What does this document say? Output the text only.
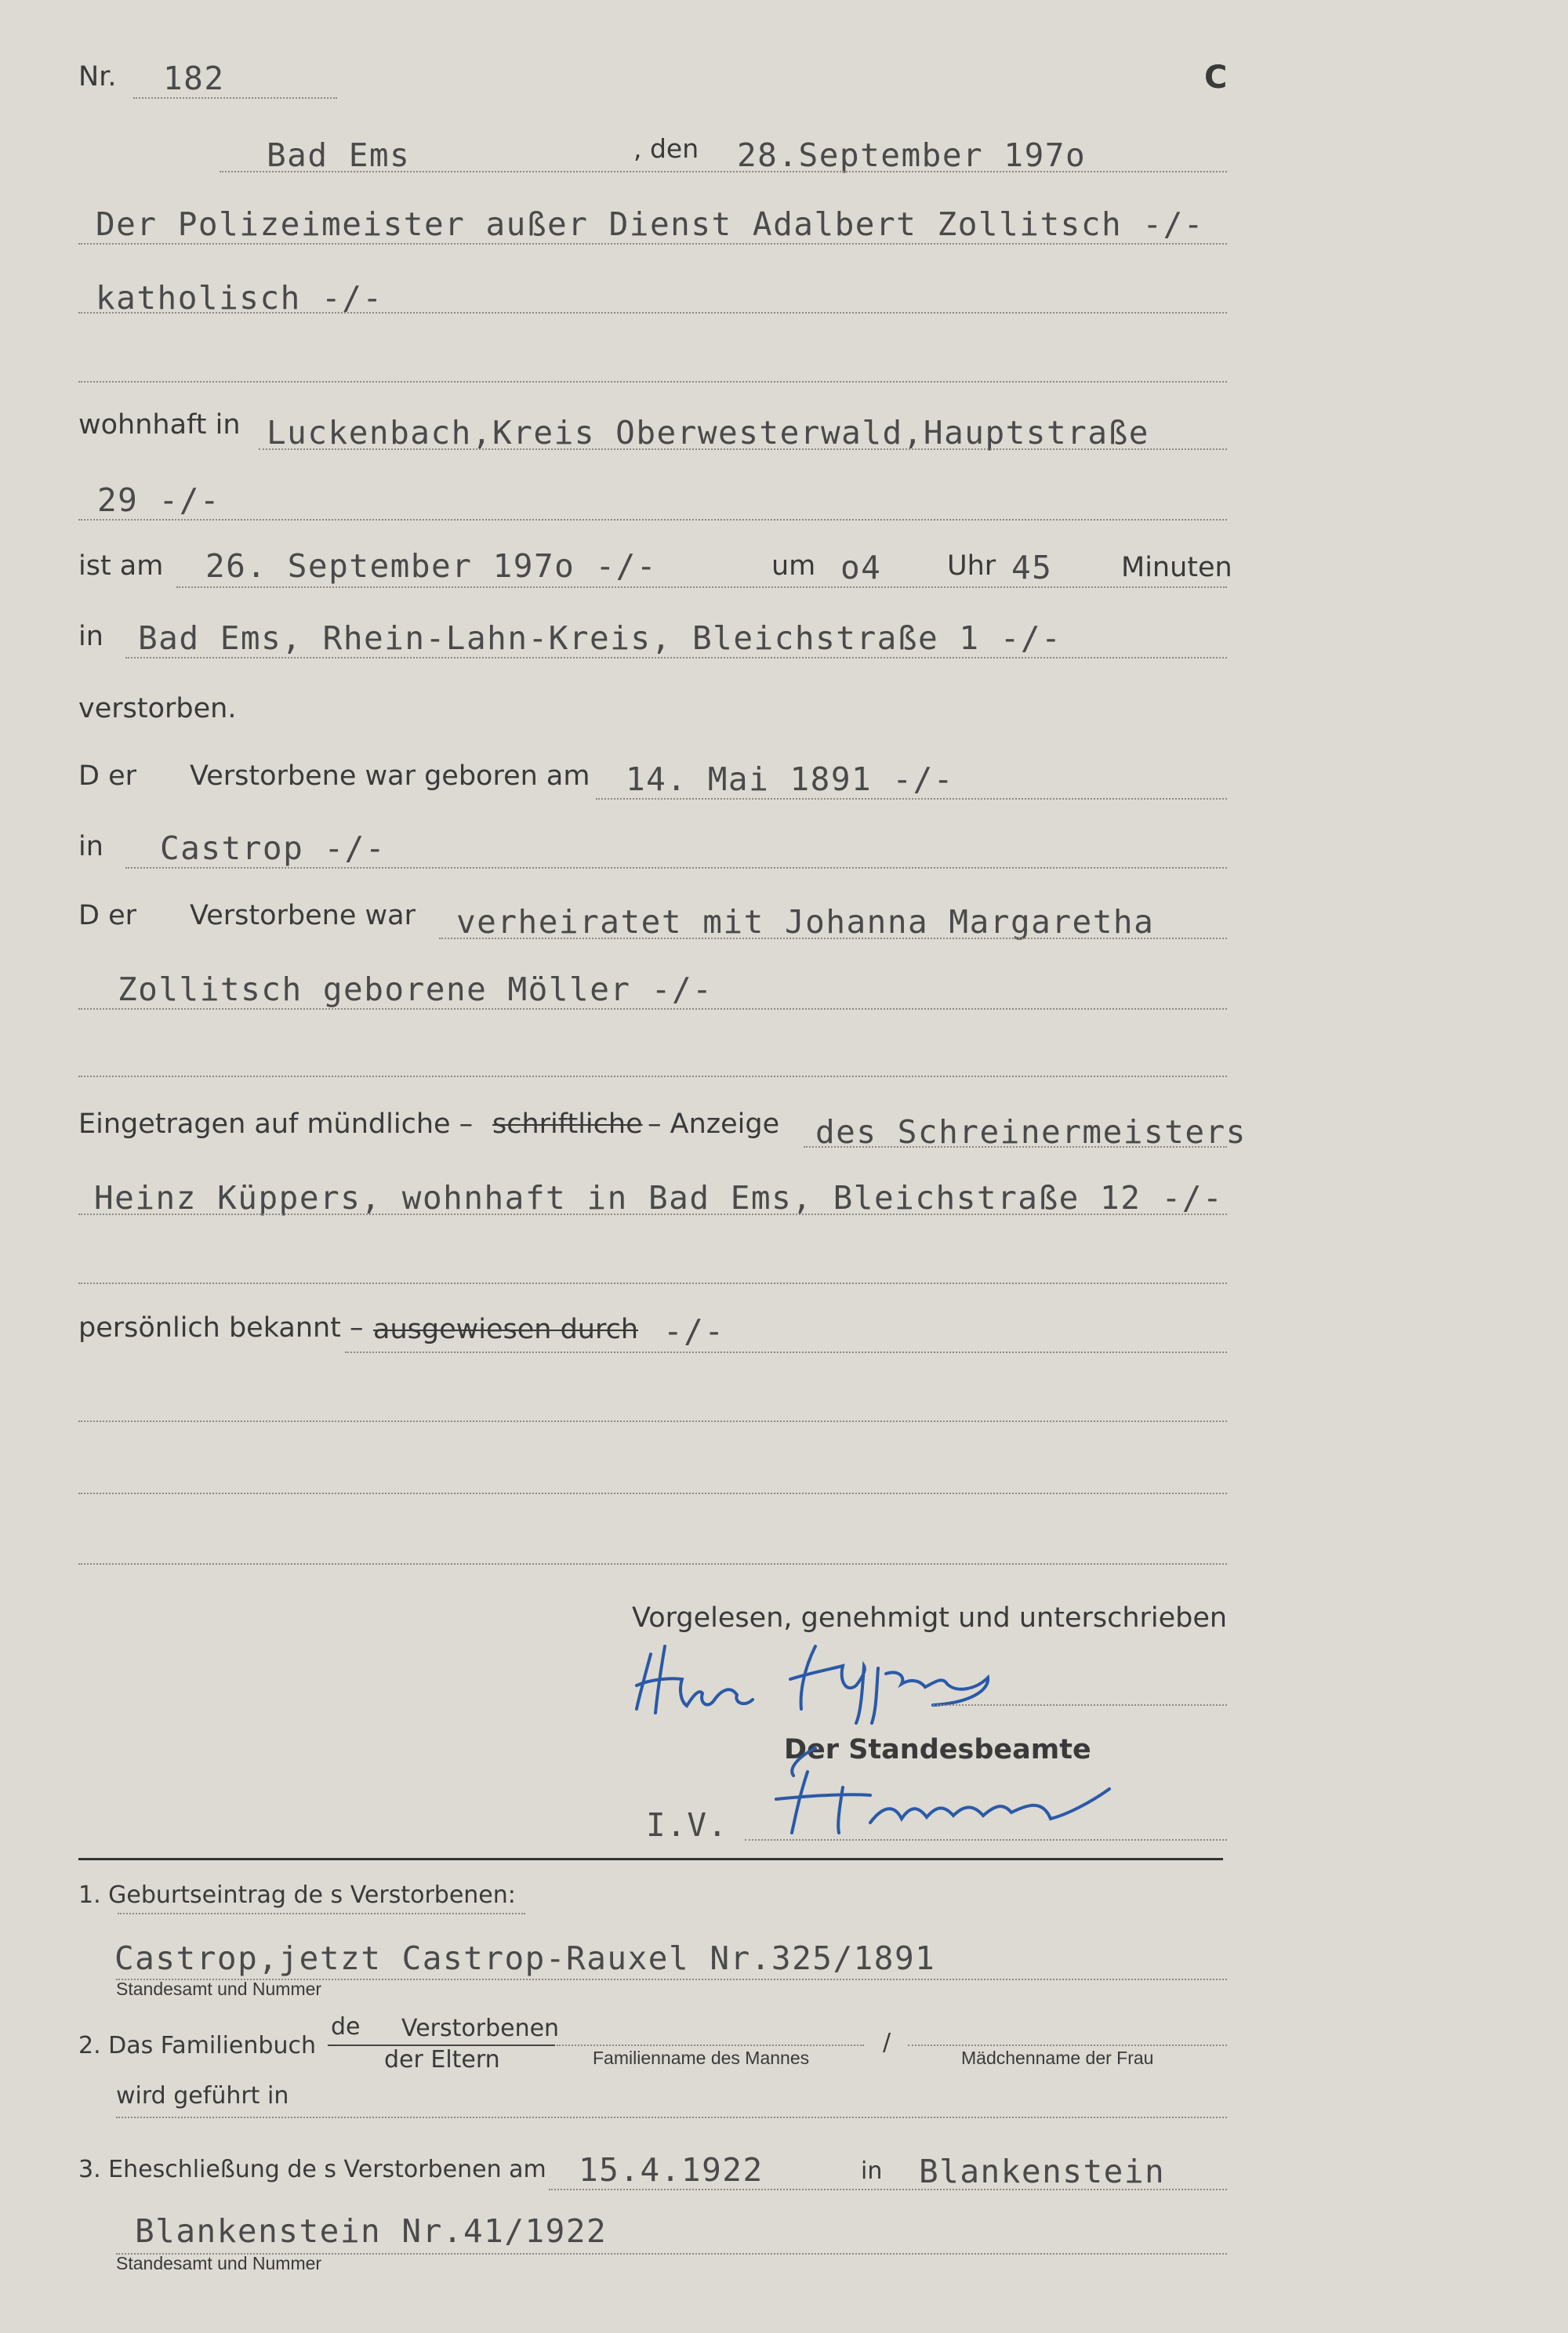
Nr. 182	C
Bad Ems	, den 28.September 197o
Der Polizeimeister außer Dienst Adalbert Zollitsch -/-
katholisch -/-
wohnhaft in Luckenbach,Kreis Oberwesterwald,Hauptstraße
29 -/-
ist am 26. September 197o -/-	um o4 Uhr 45	Minuten
in Bad Ems, Rhein-Lahn-Kreis, Bleichstraße 1 -/-
verstorben.
D er Verstorbene war geboren am 14. Mai 1891 -/-
in Castrop -/-
D er Verstorbene war verheiratet mit Johanna Margaretha
Zollitsch geborene Möller -/-
Eingetragen auf mündliche – schriftliche – Anzeige des Schreinermeisters
Heinz Küppers, wohnhaft in Bad Ems, Bleichstraße 12 -/-
persönlich bekannt – ausgewiesen durch -/-
Vorgelesen, genehmigt und unterschrieben
Der Standesbeamte
I.V.
1. Geburtseintrag de s Verstorbenen:
Castrop,jetzt Castrop-Rauxel Nr.325/1891
Standesamt und Nummer
2. Das Familienbuch
de Verstorbenen
der Eltern	Familienname des Mannes
/
Mädchenname der Frau
wird geführt in
3. Eheschließung de s Verstorbenen am 15.4.1922	in Blankenstein
Blankenstein Nr.41/1922
Standesamt und Nummer
